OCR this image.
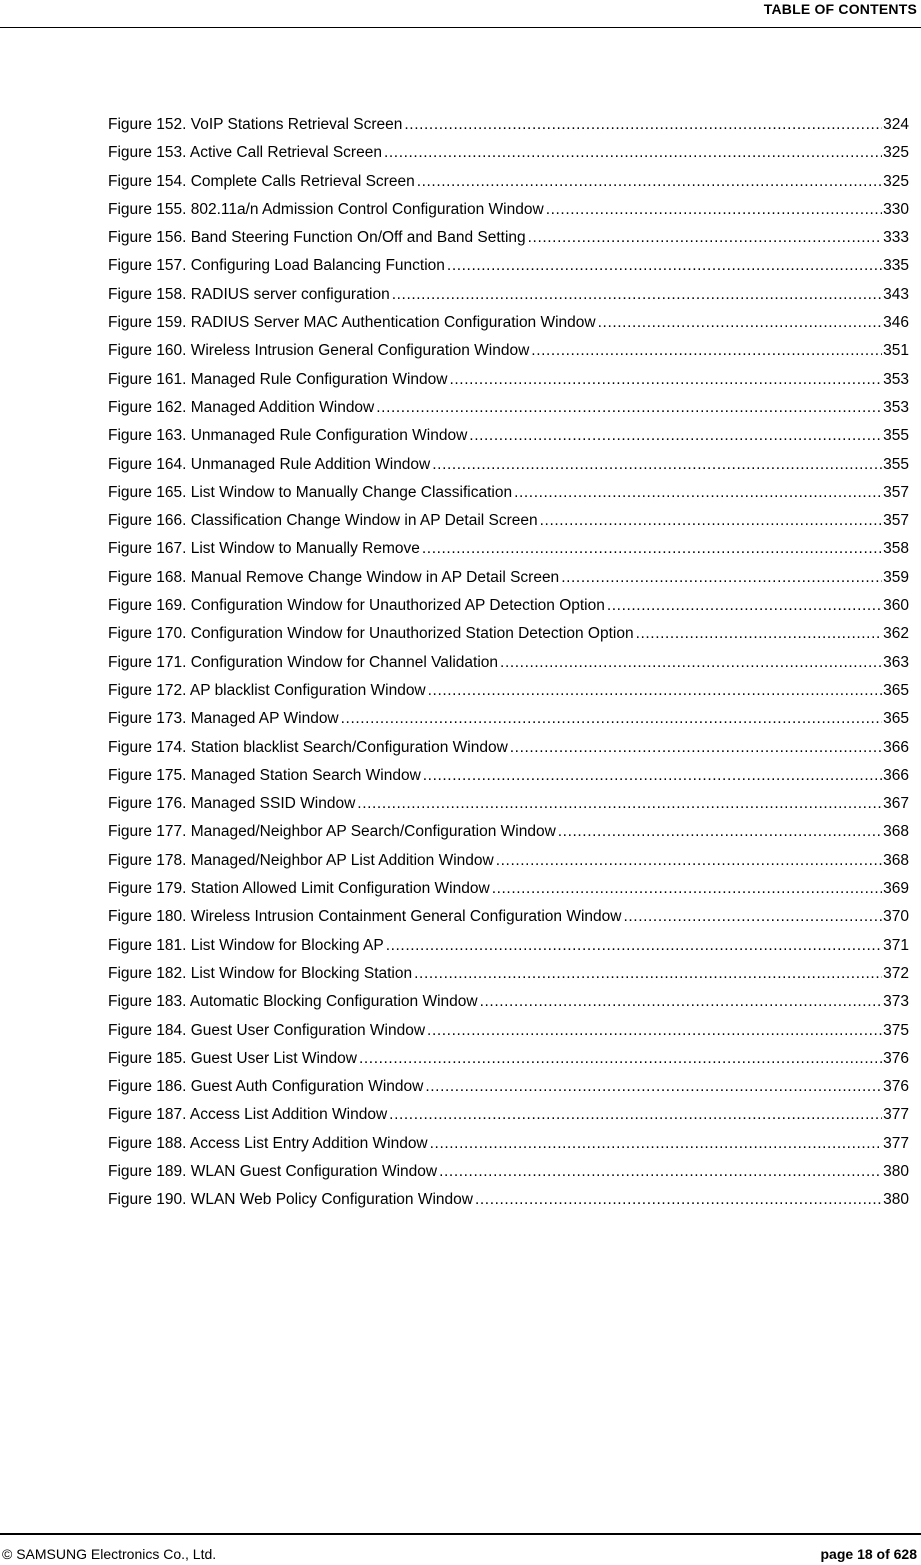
TABLE OF CONTENTS
Figure 152. VoIP Stations Retrieval Screen .....	324
Figure 153. Active Call Retrieval Screen .....	325
Figure 154. Complete Calls Retrieval Screen .....	325
Figure 155. 802.11a/n Admission Control Configuration Window .....	330
Figure 156. Band Steering Function On/Off and Band Setting .....	333
Figure 157. Configuring Load Balancing Function .....	335
Figure 158. RADIUS server configuration .....	343
Figure 159. RADIUS Server MAC Authentication Configuration Window .....	346
Figure 160. Wireless Intrusion General Configuration Window .....	351
Figure 161. Managed Rule Configuration Window .....	353
Figure 162. Managed Addition Window .....	353
Figure 163. Unmanaged Rule Configuration Window .....	355
Figure 164. Unmanaged Rule Addition Window .....	355
Figure 165. List Window to Manually Change Classification .....	357
Figure 166. Classification Change Window in AP Detail Screen .....	357
Figure 167. List Window to Manually Remove .....	358
Figure 168. Manual Remove Change Window in AP Detail Screen .....	359
Figure 169. Configuration Window for Unauthorized AP Detection Option .....	360
Figure 170. Configuration Window for Unauthorized Station Detection Option .....	362
Figure 171. Configuration Window for Channel Validation .....	363
Figure 172. AP blacklist Configuration Window .....	365
Figure 173. Managed AP Window .....	365
Figure 174. Station blacklist Search/Configuration Window .....	366
Figure 175. Managed Station Search Window .....	366
Figure 176. Managed SSID Window .....	367
Figure 177. Managed/Neighbor AP Search/Configuration Window .....	368
Figure 178. Managed/Neighbor AP List Addition Window .....	368
Figure 179. Station Allowed Limit Configuration Window .....	369
Figure 180. Wireless Intrusion Containment General Configuration Window .....	370
Figure 181. List Window for Blocking AP .....	371
Figure 182. List Window for Blocking Station .....	372
Figure 183. Automatic Blocking Configuration Window .....	373
Figure 184. Guest User Configuration Window .....	375
Figure 185. Guest User List Window .....	376
Figure 186. Guest Auth Configuration Window .....	376
Figure 187. Access List Addition Window .....	377
Figure 188. Access List Entry Addition Window .....	377
Figure 189. WLAN Guest Configuration Window .....	380
Figure 190. WLAN Web Policy Configuration Window .....	380
© SAMSUNG Electronics Co., Ltd.	page 18 of 628
